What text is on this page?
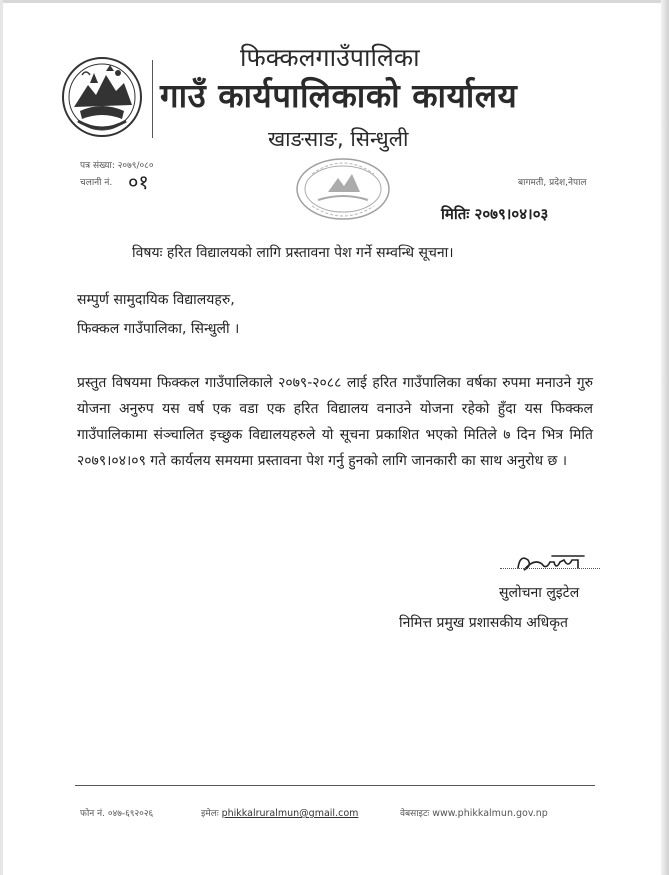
फिक्कलगाउँपालिका
गाउँ कार्यपालिकाको कार्यालय
खाङसाङ, सिन्धुली
पत्र संख्या: २०७९/०८०
चलानी नं. ०१	बागमती, प्रदेश,नेपाल
मितिः २०७९।०४।०३
विषयः हरित विद्यालयको लागि प्रस्तावना पेश गर्ने सम्वन्धि सूचना।
सम्पुर्ण सामुदायिक विद्यालयहरु,
फिक्कल गाउँपालिका, सिन्धुली ।

प्रस्तुत विषयमा फिक्कल गाउँपालिकाले २०७९-२०८८ लाई हरित गाउँपालिका वर्षका रुपमा मनाउने गुरु योजना अनुरुप यस वर्ष एक वडा एक हरित विद्यालय वनाउने योजना रहेको हुँदा यस फिक्कल गाउँपालिकामा संञ्चालित इच्छुक विद्यालयहरुले यो सूचना प्रकाशित भएको मितिले ७ दिन भित्र मिति २०७९।०४।०९ गते कार्यलय समयमा प्रस्तावना पेश गर्नु हुनको लागि जानकारी का साथ अनुरोध छ ।

सुलोचना लुइटेल
निमित्त प्रमुख प्रशासकीय अधिकृत
फोन नं. ०४७-६९२०२६	इमेलः phikkalruralmun@gmail.com	वेबसाइटः www.phikkalmun.gov.np
